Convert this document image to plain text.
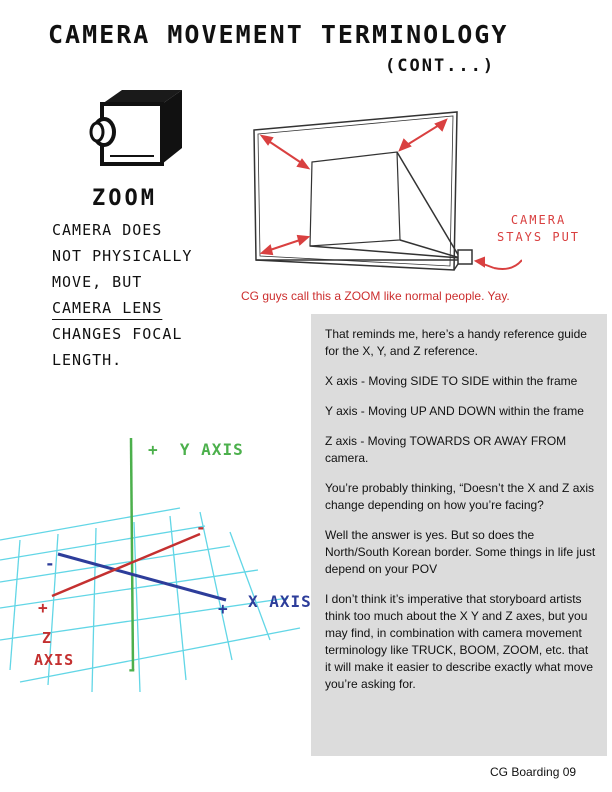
CAMERA MOVEMENT TERMINOLOGY
(CONT...)
ZOOM
CAMERA DOES
NOT PHYSICALLY
MOVE, BUT
CAMERA LENS
CHANGES FOCAL
LENGTH.
CAMERA
STAYS PUT
CG guys call this a ZOOM like normal people. Yay.

That reminds me, here’s a handy reference guide for the X, Y, and Z reference.

X axis - Moving SIDE TO SIDE within the frame

Y axis - Moving UP AND DOWN within the frame

Z axis - Moving TOWARDS OR AWAY FROM camera.

You’re probably thinking, “Doesn’t the X and Z axis change depending on how you’re facing?

Well the answer is yes. But so does the North/South Korean border. Some things in life just depend on your POV

I don’t think it’s imperative that storyboard artists think too much about the X Y and Z axes, but you may find, in combination with camera movement terminology like TRUCK, BOOM, ZOOM, etc. that it will make it easier to describe exactly what move you’re asking for.

+ Y AXIS
-
-
+ X AXIS
+
-
Z
AXIS
CG Boarding 09
